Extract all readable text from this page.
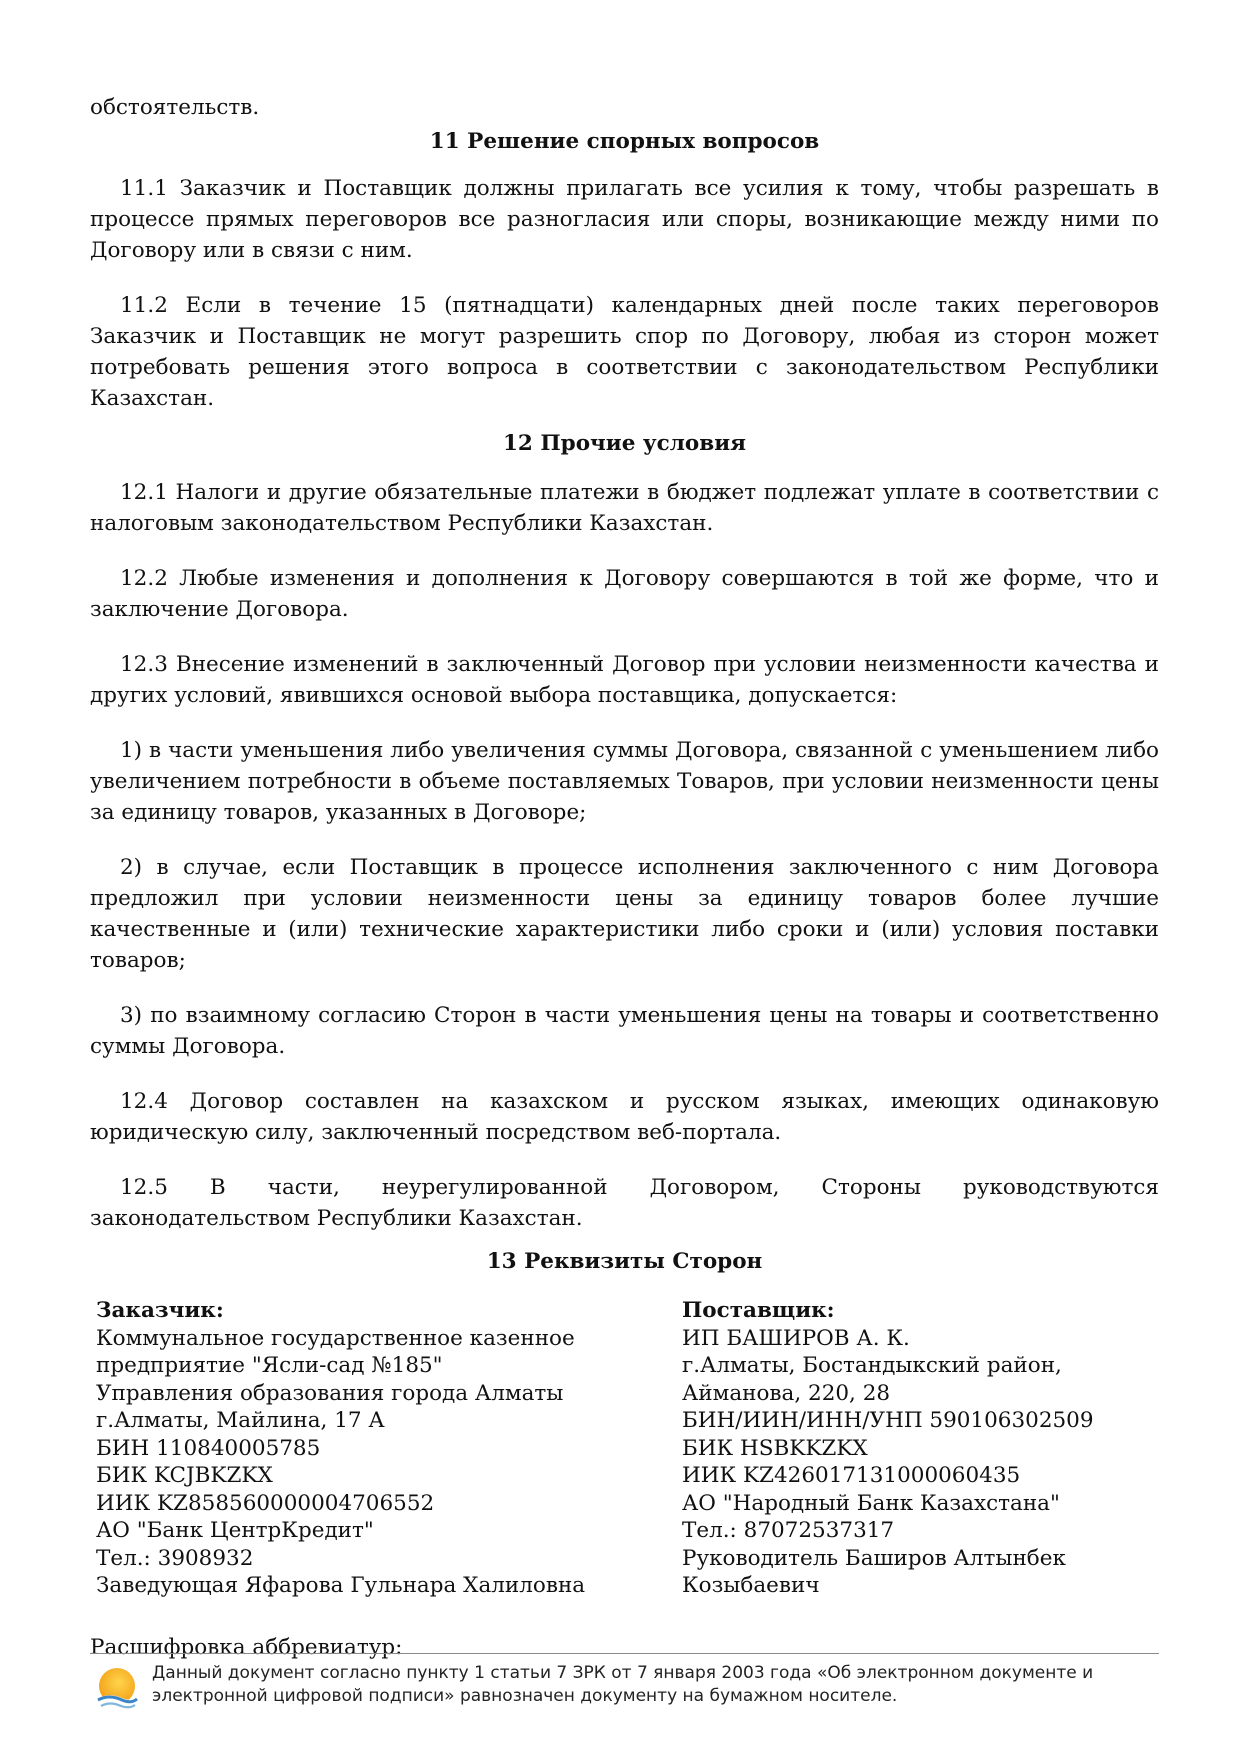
обстоятельств.
11 Решение спорных вопросов

11.1 Заказчик и Поставщик должны прилагать все усилия к тому, чтобы разрешать в процессе прямых переговоров все разногласия или споры, возникающие между ними по Договору или в связи с ним.

11.2 Если в течение 15 (пятнадцати) календарных дней после таких переговоров Заказчик и Поставщик не могут разрешить спор по Договору, любая из сторон может потребовать решения этого вопроса в соответствии с законодательством Республики Казахстан.

12 Прочие условия

12.1 Налоги и другие обязательные платежи в бюджет подлежат уплате в соответствии с налоговым законодательством Республики Казахстан.

12.2 Любые изменения и дополнения к Договору совершаются в той же форме, что и заключение Договора.

12.3 Внесение изменений в заключенный Договор при условии неизменности качества и других условий, явившихся основой выбора поставщика, допускается:

1) в части уменьшения либо увеличения суммы Договора, связанной с уменьшением либо увеличением потребности в объеме поставляемых Товаров, при условии неизменности цены за единицу товаров, указанных в Договоре;

2) в случае, если Поставщик в процессе исполнения заключенного с ним Договора предложил при условии неизменности цены за единицу товаров более лучшие качественные и (или) технические характеристики либо сроки и (или) условия поставки товаров;

3) по взаимному согласию Сторон в части уменьшения цены на товары и соответственно суммы Договора.

12.4 Договор составлен на казахском и русском языках, имеющих одинаковую юридическую силу, заключенный посредством веб-портала.

12.5 В части, неурегулированной Договором, Стороны руководствуются законодательством Республики Казахстан.

13 Реквизиты Сторон
Заказчик:
Коммунальное государственное казенное
предприятие "Ясли-сад №185"
Управления образования города Алматы
г.Алматы, Майлина, 17 А
БИН 110840005785
БИК KCJBKZKX
ИИК KZ858560000004706552
АО "Банк ЦентрКредит"
Тел.: 3908932
Заведующая Яфарова Гульнара Халиловна
Поставщик:
ИП БАШИРОВ А. К.
г.Алматы, Бостандыкский район,
Айманова, 220, 28
БИН/ИИН/ИНН/УНП 590106302509
БИК HSBKKZKX
ИИК KZ426017131000060435
АО "Народный Банк Казахстана"
Тел.: 87072537317
Руководитель Баширов Алтынбек
Козыбаевич

Расшифровка аббревиатур:

Данный документ согласно пункту 1 статьи 7 ЗРК от 7 января 2003 года «Об электронном документе и
электронной цифровой подписи» равнозначен документу на бумажном носителе.
